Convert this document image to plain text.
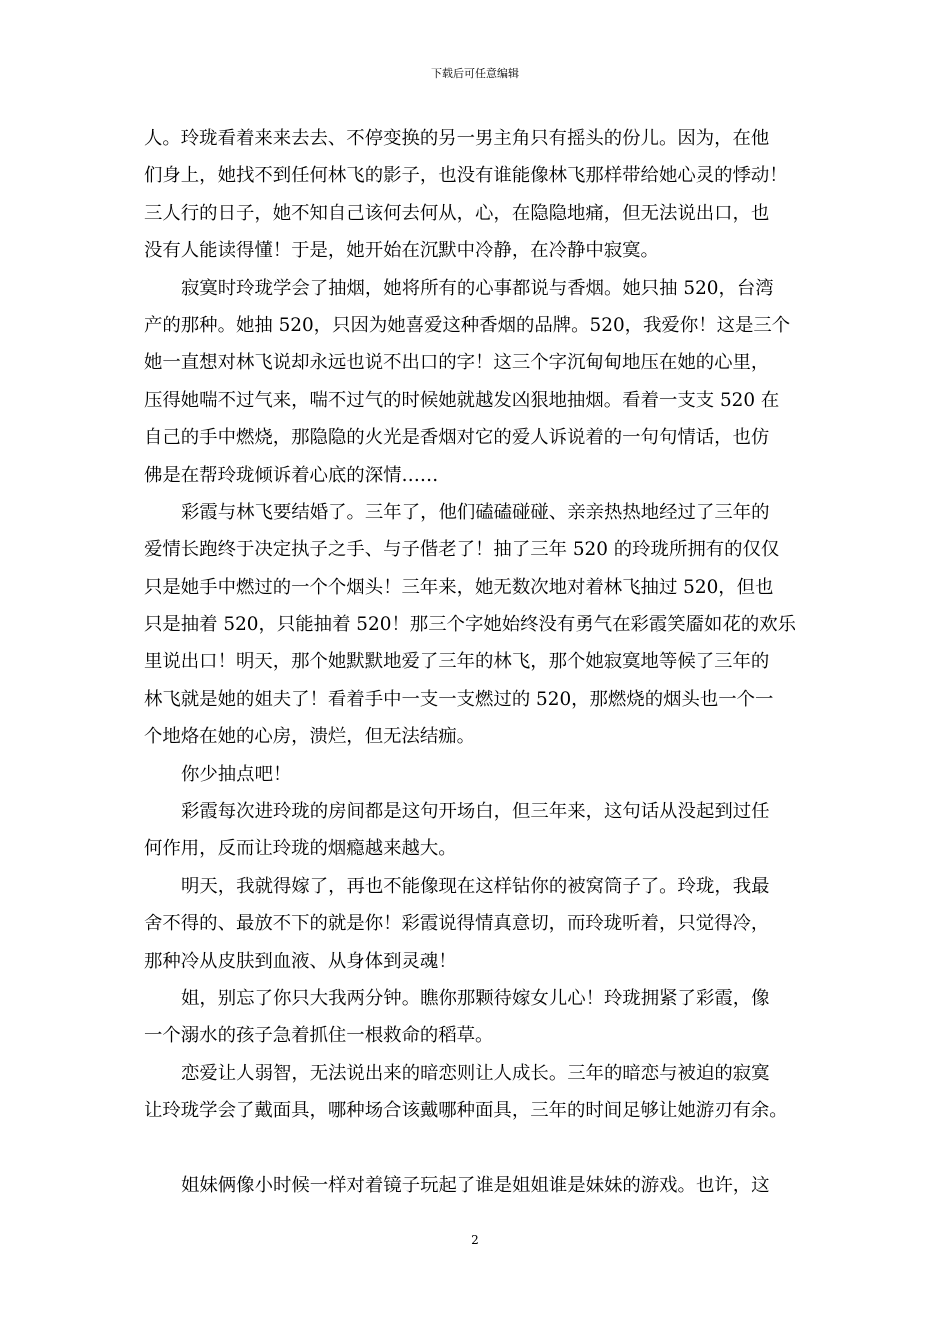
下载后可任意编辑
人。玲珑看着来来去去、不停变换的另一男主角只有摇头的份儿。因为，在他
们身上，她找不到任何林飞的影子，也没有谁能像林飞那样带给她心灵的悸动！
三人行的日子，她不知自己该何去何从，心，在隐隐地痛，但无法说出口，也
没有人能读得懂！于是，她开始在沉默中冷静，在冷静中寂寞。
寂寞时玲珑学会了抽烟，她将所有的心事都说与香烟。她只抽 520，台湾
产的那种。她抽 520，只因为她喜爱这种香烟的品牌。520，我爱你！这是三个
她一直想对林飞说却永远也说不出口的字！这三个字沉甸甸地压在她的心里，
压得她喘不过气来，喘不过气的时候她就越发凶狠地抽烟。看着一支支 520 在
自己的手中燃烧，那隐隐的火光是香烟对它的爱人诉说着的一句句情话，也仿
佛是在帮玲珑倾诉着心底的深情……
彩霞与林飞要结婚了。三年了，他们磕磕碰碰、亲亲热热地经过了三年的
爱情长跑终于决定执子之手、与子偕老了！抽了三年 520 的玲珑所拥有的仅仅
只是她手中燃过的一个个烟头！三年来，她无数次地对着林飞抽过 520，但也
只是抽着 520，只能抽着 520！那三个字她始终没有勇气在彩霞笑靥如花的欢乐
里说出口！明天，那个她默默地爱了三年的林飞，那个她寂寞地等候了三年的
林飞就是她的姐夫了！看着手中一支一支燃过的 520，那燃烧的烟头也一个一
个地烙在她的心房，溃烂，但无法结痂。
你少抽点吧！
彩霞每次进玲珑的房间都是这句开场白，但三年来，这句话从没起到过任
何作用，反而让玲珑的烟瘾越来越大。
明天，我就得嫁了，再也不能像现在这样钻你的被窝筒子了。玲珑，我最
舍不得的、最放不下的就是你！彩霞说得情真意切，而玲珑听着，只觉得冷，
那种冷从皮肤到血液、从身体到灵魂！
姐，别忘了你只大我两分钟。瞧你那颗待嫁女儿心！玲珑拥紧了彩霞，像
一个溺水的孩子急着抓住一根救命的稻草。
恋爱让人弱智，无法说出来的暗恋则让人成长。三年的暗恋与被迫的寂寞
让玲珑学会了戴面具，哪种场合该戴哪种面具，三年的时间足够让她游刃有余。
姐妹俩像小时候一样对着镜子玩起了谁是姐姐谁是妹妹的游戏。也许，这
2
